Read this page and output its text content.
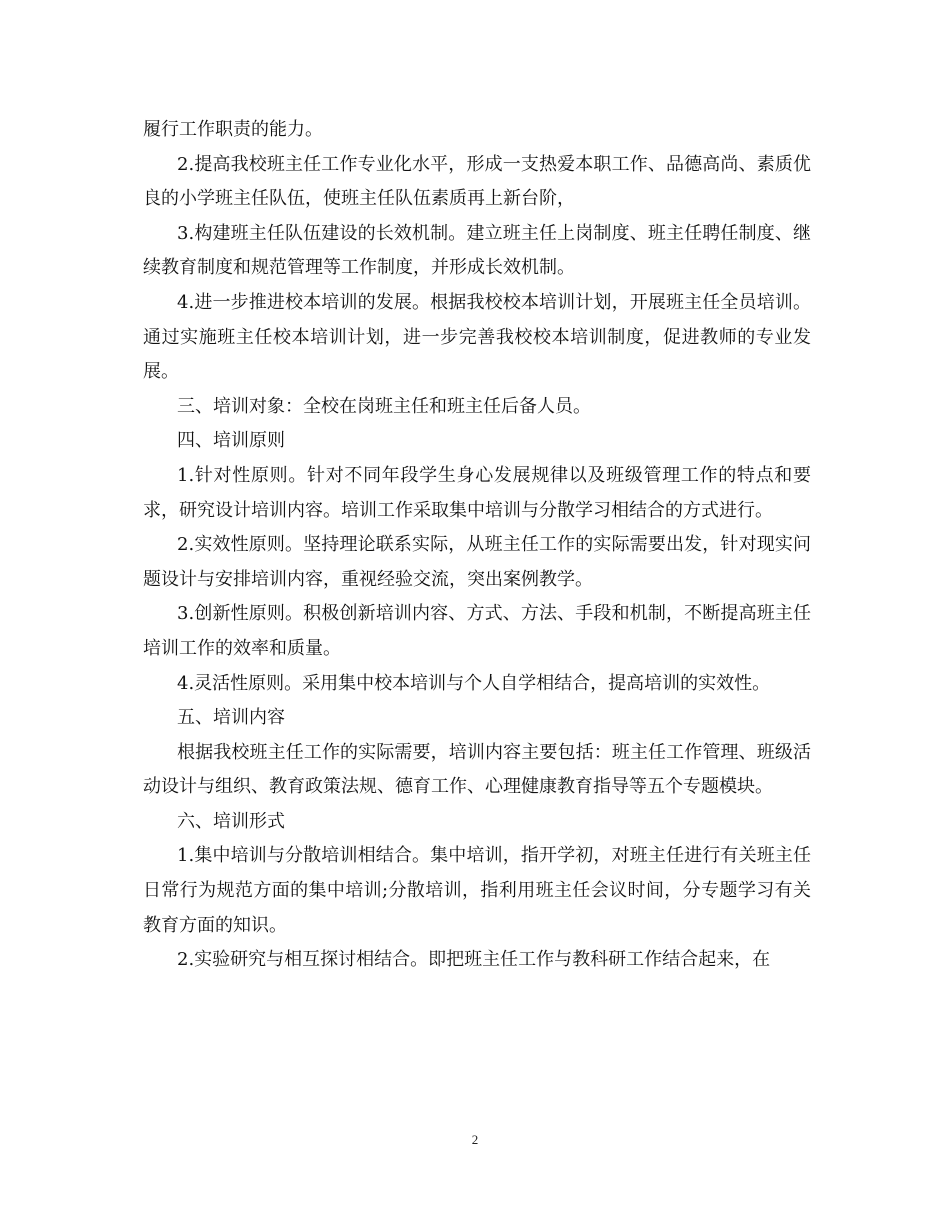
履行工作职责的能力。

2.提高我校班主任工作专业化水平，形成一支热爱本职工作、品德高尚、素质优良的小学班主任队伍，使班主任队伍素质再上新台阶，

3.构建班主任队伍建设的长效机制。建立班主任上岗制度、班主任聘任制度、继续教育制度和规范管理等工作制度，并形成长效机制。

4.进一步推进校本培训的发展。根据我校校本培训计划，开展班主任全员培训。通过实施班主任校本培训计划，进一步完善我校校本培训制度，促进教师的专业发展。

三、培训对象：全校在岗班主任和班主任后备人员。

四、培训原则

1.针对性原则。针对不同年段学生身心发展规律以及班级管理工作的特点和要求，研究设计培训内容。培训工作采取集中培训与分散学习相结合的方式进行。

2.实效性原则。坚持理论联系实际，从班主任工作的实际需要出发，针对现实问题设计与安排培训内容，重视经验交流，突出案例教学。

3.创新性原则。积极创新培训内容、方式、方法、手段和机制，不断提高班主任培训工作的效率和质量。

4.灵活性原则。采用集中校本培训与个人自学相结合，提高培训的实效性。

五、培训内容

根据我校班主任工作的实际需要，培训内容主要包括：班主任工作管理、班级活动设计与组织、教育政策法规、德育工作、心理健康教育指导等五个专题模块。

六、培训形式

1.集中培训与分散培训相结合。集中培训，指开学初，对班主任进行有关班主任日常行为规范方面的集中培训;分散培训，指利用班主任会议时间，分专题学习有关教育方面的知识。

2.实验研究与相互探讨相结合。即把班主任工作与教科研工作结合起来，在

2
